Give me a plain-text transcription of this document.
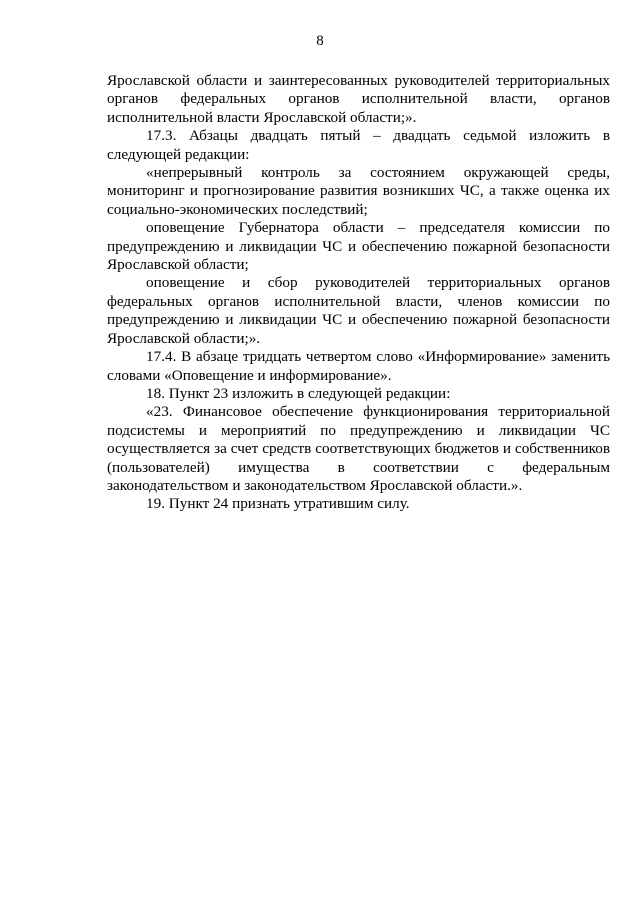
8

Ярославской области и заинтересованных руководителей территориальных органов федеральных органов исполнительной власти, органов исполнительной власти Ярославской области;».

17.3. Абзацы двадцать пятый – двадцать седьмой изложить в следующей редакции:

«непрерывный контроль за состоянием окружающей среды, мониторинг и прогнозирование развития возникших ЧС, а также оценка их социально-экономических последствий;

оповещение Губернатора области – председателя комиссии по предупреждению и ликвидации ЧС и обеспечению пожарной безопасности Ярославской области;

оповещение и сбор руководителей территориальных органов федеральных органов исполнительной власти, членов комиссии по предупреждению и ликвидации ЧС и обеспечению пожарной безопасности Ярославской области;».

17.4. В абзаце тридцать четвертом слово «Информирование» заменить словами «Оповещение и информирование».

18. Пункт 23 изложить в следующей редакции:

«23. Финансовое обеспечение функционирования территориальной подсистемы и мероприятий по предупреждению и ликвидации ЧС осуществляется за счет средств соответствующих бюджетов и собственников (пользователей) имущества в соответствии с федеральным законодательством и законодательством Ярославской области.».

19. Пункт 24 признать утратившим силу.
